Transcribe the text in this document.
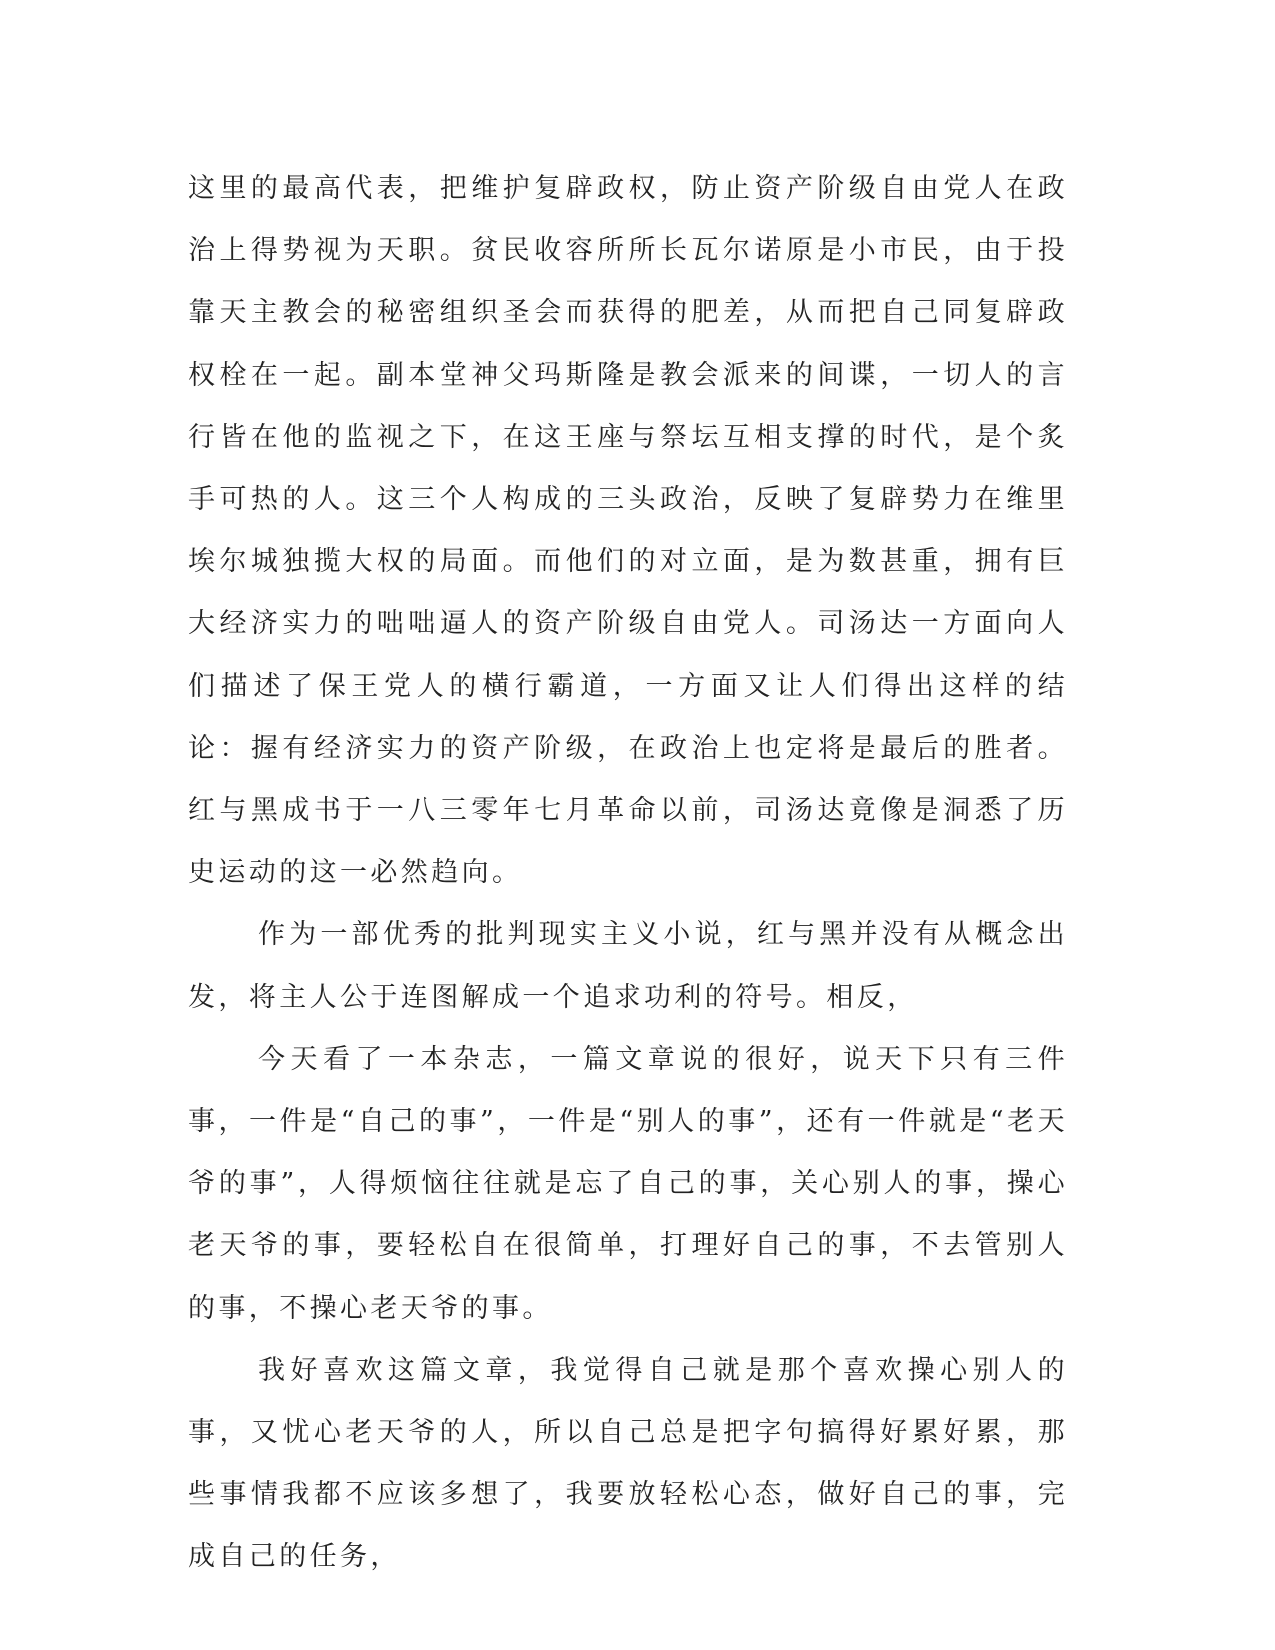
这里的最高代表，把维护复辟政权，防止资产阶级自由党人在政治上得势视为天职。贫民收容所所长瓦尔诺原是小市民，由于投靠天主教会的秘密组织圣会而获得的肥差，从而把自己同复辟政权栓在一起。副本堂神父玛斯隆是教会派来的间谍，一切人的言行皆在他的监视之下，在这王座与祭坛互相支撑的时代，是个炙手可热的人。这三个人构成的三头政治，反映了复辟势力在维里埃尔城独揽大权的局面。而他们的对立面，是为数甚重，拥有巨大经济实力的咄咄逼人的资产阶级自由党人。司汤达一方面向人们描述了保王党人的横行霸道，一方面又让人们得出这样的结论：握有经济实力的资产阶级，在政治上也定将是最后的胜者。红与黑成书于一八三零年七月革命以前，司汤达竟像是洞悉了历史运动的这一必然趋向。

作为一部优秀的批判现实主义小说，红与黑并没有从概念出发，将主人公于连图解成一个追求功利的符号。相反，

今天看了一本杂志，一篇文章说的很好，说天下只有三件事，一件是“自己的事”，一件是“别人的事”，还有一件就是“老天爷的事”，人得烦恼往往就是忘了自己的事，关心别人的事，操心老天爷的事，要轻松自在很简单，打理好自己的事，不去管别人的事，不操心老天爷的事。

我好喜欢这篇文章，我觉得自己就是那个喜欢操心别人的事，又忧心老天爷的人，所以自己总是把字句搞得好累好累，那些事情我都不应该多想了，我要放轻松心态，做好自己的事，完成自己的任务，
